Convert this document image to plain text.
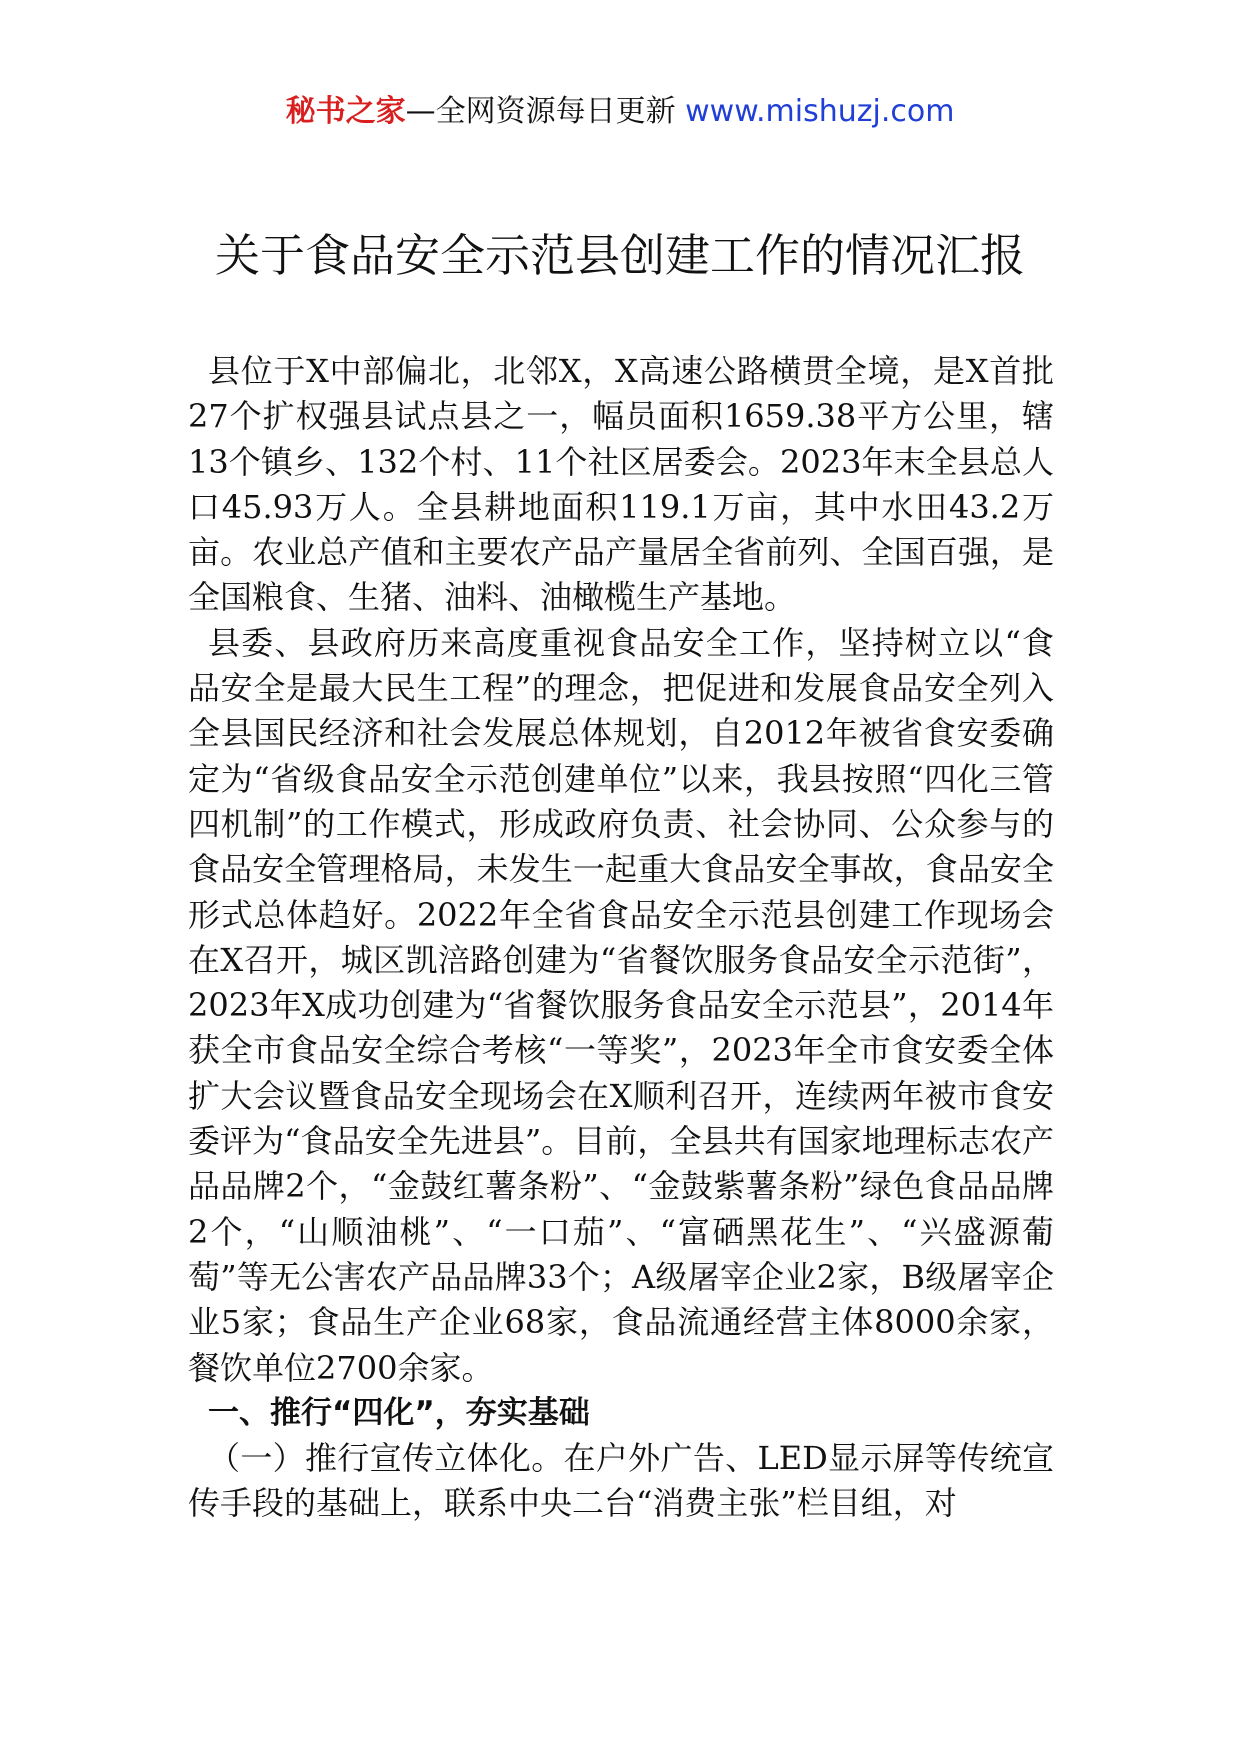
秘书之家—全网资源每日更新 www.mishuzj.com
关于食品安全示范县创建工作的情况汇报

县位于X中部偏北，北邻X，X高速公路横贯全境，是X首批27个扩权强县试点县之一，幅员面积1659.38平方公里，辖13个镇乡、132个村、11个社区居委会。2023年末全县总人口45.93万人。全县耕地面积119.1万亩，其中水田43.2万亩。农业总产值和主要农产品产量居全省前列、全国百强，是全国粮食、生猪、油料、油橄榄生产基地。

县委、县政府历来高度重视食品安全工作，坚持树立以“食品安全是最大民生工程”的理念，把促进和发展食品安全列入全县国民经济和社会发展总体规划，自2012年被省食安委确定为“省级食品安全示范创建单位”以来，我县按照“四化三管四机制”的工作模式，形成政府负责、社会协同、公众参与的食品安全管理格局，未发生一起重大食品安全事故，食品安全形式总体趋好。2022年全省食品安全示范县创建工作现场会在X召开，城区凯涪路创建为“省餐饮服务食品安全示范街”，2023年X成功创建为“省餐饮服务食品安全示范县”，2014年获全市食品安全综合考核“一等奖”，2023年全市食安委全体扩大会议暨食品安全现场会在X顺利召开，连续两年被市食安委评为“食品安全先进县”。目前，全县共有国家地理标志农产品品牌2个，“金鼓红薯条粉”、“金鼓紫薯条粉”绿色食品品牌2个，“山顺油桃”、“一口茄”、“富硒黑花生”、“兴盛源葡萄”等无公害农产品品牌33个；A级屠宰企业2家，B级屠宰企业5家；食品生产企业68家，食品流通经营主体8000余家，餐饮单位2700余家。

一、推行“四化”，夯实基础

（一）推行宣传立体化。在户外广告、LED显示屏等传统宣传手段的基础上，联系中央二台“消费主张”栏目组，对
